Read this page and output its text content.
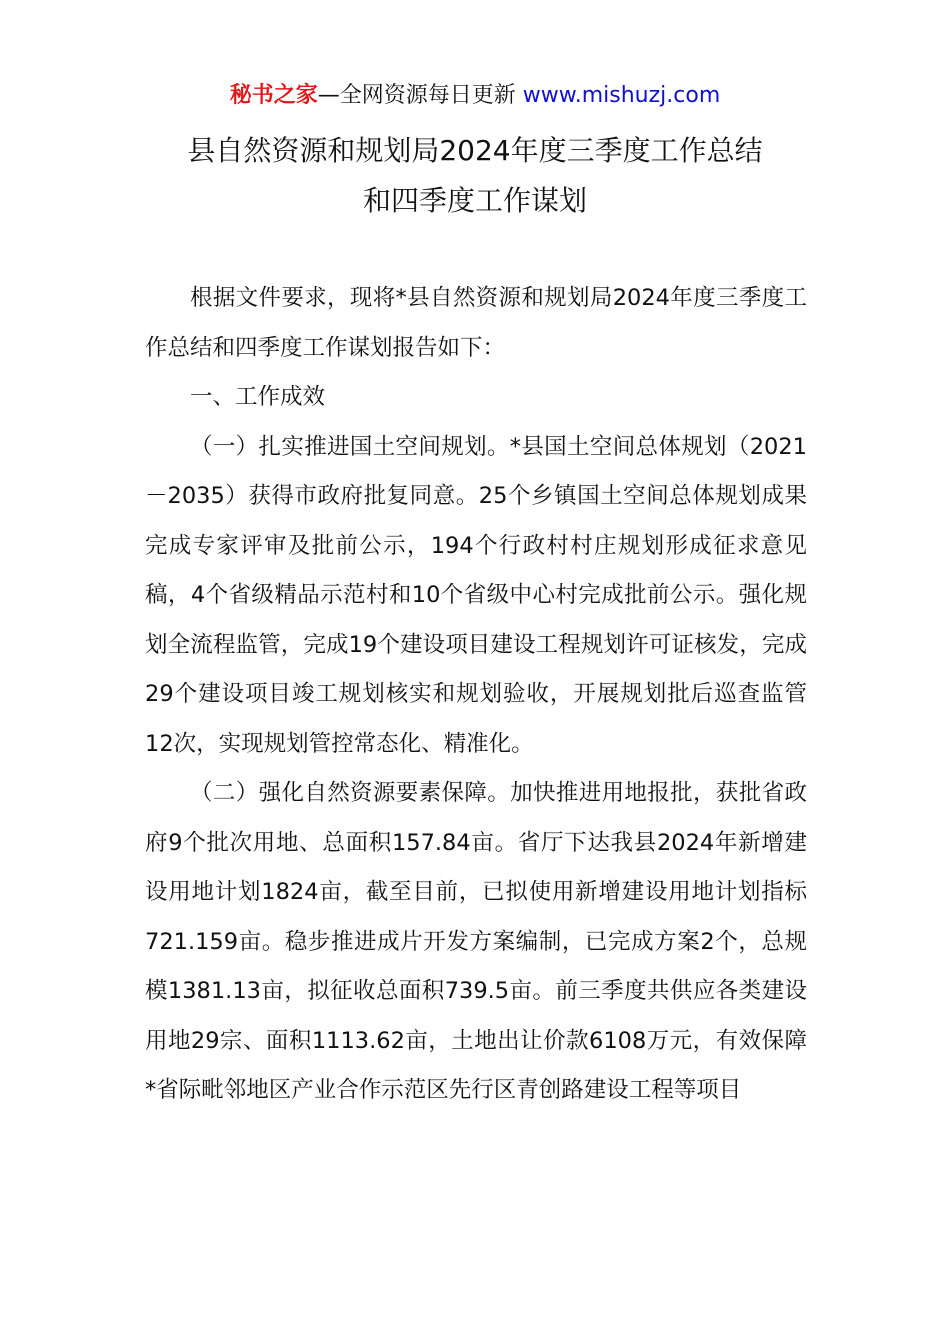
秘书之家—全网资源每日更新 www.mishuzj.com
县自然资源和规划局2024年度三季度工作总结
和四季度工作谋划

根据文件要求，现将*县自然资源和规划局2024年度三季度工作总结和四季度工作谋划报告如下：

一、工作成效

（一）扎实推进国土空间规划。*县国土空间总体规划（2021－2035）获得市政府批复同意。25个乡镇国土空间总体规划成果完成专家评审及批前公示，194个行政村村庄规划形成征求意见稿，4个省级精品示范村和10个省级中心村完成批前公示。强化规划全流程监管，完成19个建设项目建设工程规划许可证核发，完成29个建设项目竣工规划核实和规划验收，开展规划批后巡查监管12次，实现规划管控常态化、精准化。

（二）强化自然资源要素保障。加快推进用地报批，获批省政府9个批次用地、总面积157.84亩。省厅下达我县2024年新增建设用地计划1824亩，截至目前，已拟使用新增建设用地计划指标721.159亩。稳步推进成片开发方案编制，已完成方案2个，总规模1381.13亩，拟征收总面积739.5亩。前三季度共供应各类建设用地29宗、面积1113.62亩，土地出让价款6108万元，有效保障*省际毗邻地区产业合作示范区先行区青创路建设工程等项目
